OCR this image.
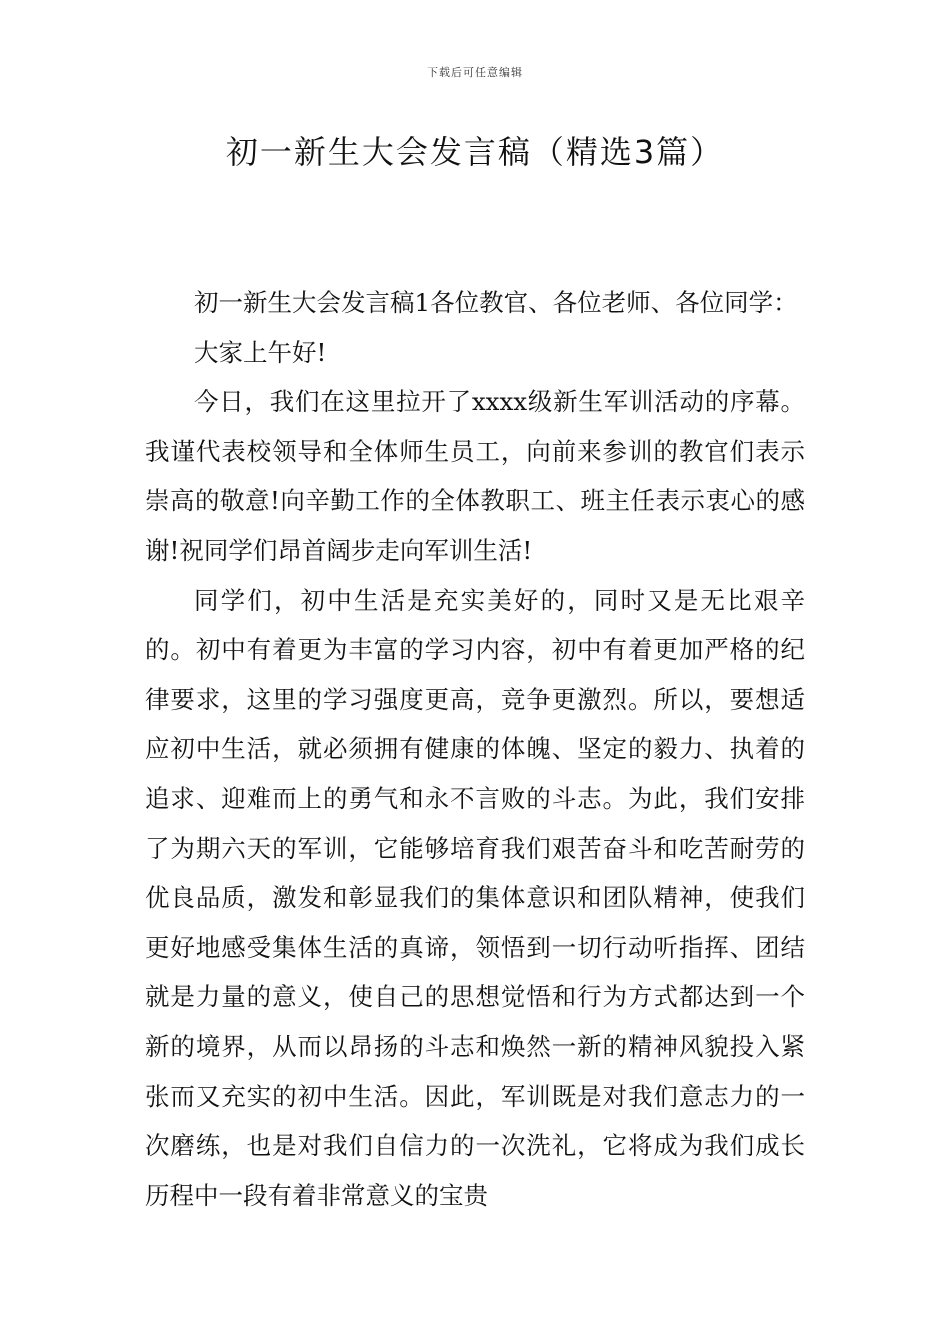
下载后可任意编辑
初一新生大会发言稿（精选3篇）

初一新生大会发言稿1各位教官、各位老师、各位同学：

大家上午好!

今日，我们在这里拉开了xxxx级新生军训活动的序幕。我谨代表校领导和全体师生员工，向前来参训的教官们表示崇高的敬意!向辛勤工作的全体教职工、班主任表示衷心的感谢!祝同学们昂首阔步走向军训生活!

同学们，初中生活是充实美好的，同时又是无比艰辛的。初中有着更为丰富的学习内容，初中有着更加严格的纪律要求，这里的学习强度更高，竞争更激烈。所以，要想适应初中生活，就必须拥有健康的体魄、坚定的毅力、执着的追求、迎难而上的勇气和永不言败的斗志。为此，我们安排了为期六天的军训，它能够培育我们艰苦奋斗和吃苦耐劳的优良品质，激发和彰显我们的集体意识和团队精神，使我们更好地感受集体生活的真谛，领悟到一切行动听指挥、团结就是力量的意义，使自己的思想觉悟和行为方式都达到一个新的境界，从而以昂扬的斗志和焕然一新的精神风貌投入紧张而又充实的初中生活。因此，军训既是对我们意志力的一次磨练，也是对我们自信力的一次洗礼，它将成为我们成长历程中一段有着非常意义的宝贵
